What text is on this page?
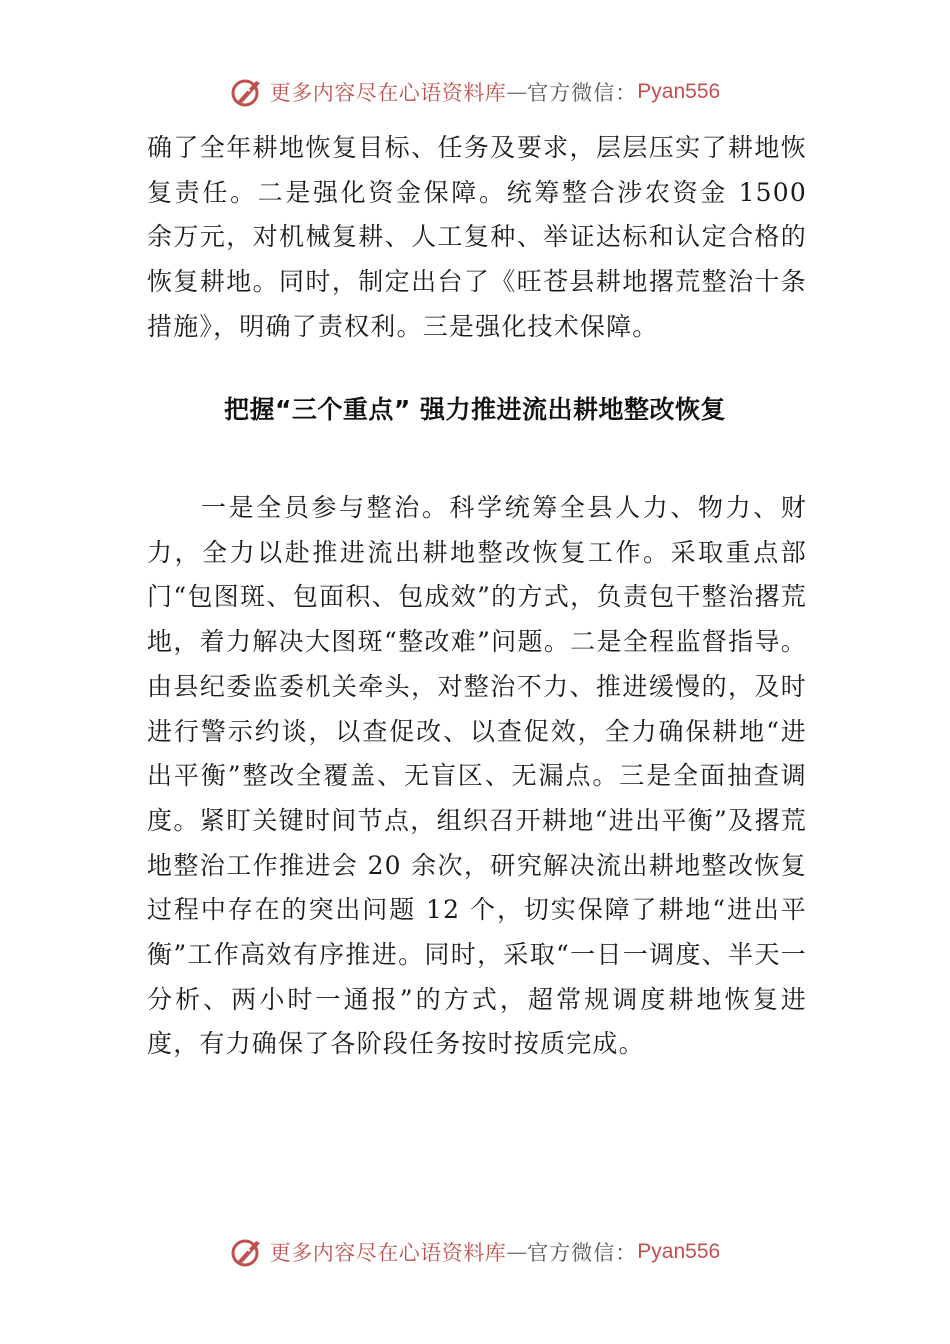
更多内容尽在心语资料库 — 官方微信： Pyan556

确了全年耕地恢复目标、任务及要求，层层压实了耕地恢复责任。二是强化资金保障。统筹整合涉农资金 1500 余万元，对机械复耕、人工复种、举证达标和认定合格的恢复耕地。同时，制定出台了《旺苍县耕地撂荒整治十条措施》，明确了责权利。三是强化技术保障。

把握“三个重点” 强力推进流出耕地整改恢复

一是全员参与整治。科学统筹全县人力、物力、财力，全力以赴推进流出耕地整改恢复工作。采取重点部门“包图斑、包面积、包成效”的方式，负责包干整治撂荒地，着力解决大图斑“整改难”问题。二是全程监督指导。由县纪委监委机关牵头，对整治不力、推进缓慢的，及时进行警示约谈，以查促改、以查促效，全力确保耕地“进出平衡”整改全覆盖、无盲区、无漏点。三是全面抽查调度。紧盯关键时间节点，组织召开耕地“进出平衡”及撂荒地整治工作推进会 20 余次，研究解决流出耕地整改恢复过程中存在的突出问题 12 个，切实保障了耕地“进出平衡”工作高效有序推进。同时，采取“一日一调度、半天一分析、两小时一通报”的方式，超常规调度耕地恢复进度，有力确保了各阶段任务按时按质完成。

更多内容尽在心语资料库 — 官方微信： Pyan556
